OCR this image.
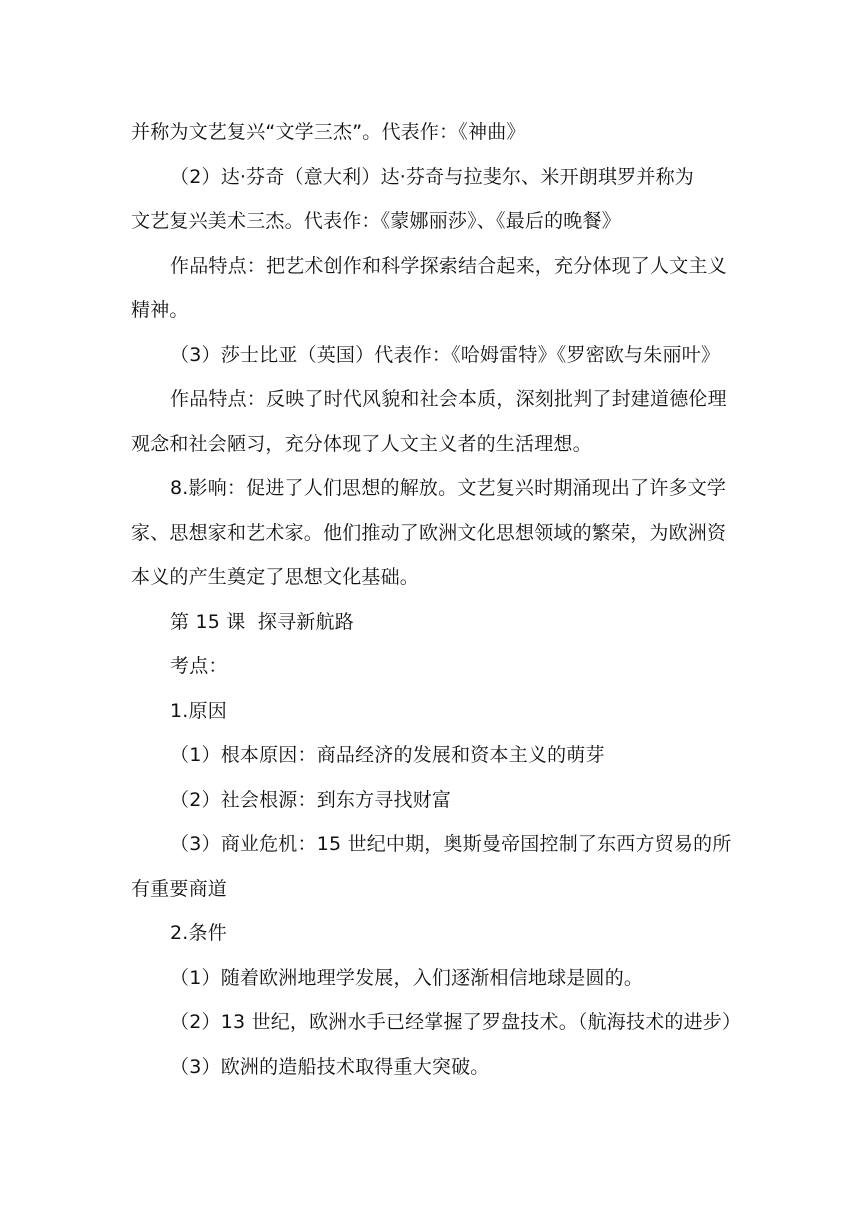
并称为文艺复兴“文学三杰”。代表作：《神曲》

（2）达·芬奇（意大利）达·芬奇与拉斐尔、米开朗琪罗并称为
文艺复兴美术三杰。代表作：《蒙娜丽莎》、《最后的晚餐》

作品特点：把艺术创作和科学探索结合起来，充分体现了人文主义
精神。

（3）莎士比亚（英国）代表作：《哈姆雷特》《罗密欧与朱丽叶》

作品特点：反映了时代风貌和社会本质，深刻批判了封建道德伦理
观念和社会陋习，充分体现了人文主义者的生活理想。

8.影响：促进了人们思想的解放。文艺复兴时期涌现出了许多文学
家、思想家和艺术家。他们推动了欧洲文化思想领域的繁荣，为欧洲资
本义的产生奠定了思想文化基础。

第 15 课  探寻新航路

考点：

1.原因

（1）根本原因：商品经济的发展和资本主义的萌芽

（2）社会根源：到东方寻找财富

（3）商业危机：15 世纪中期，奥斯曼帝国控制了东西方贸易的所
有重要商道

2.条件

（1）随着欧洲地理学发展，入们逐渐相信地球是圆的。

（2）13 世纪，欧洲水手已经掌握了罗盘技术。（航海技术的进步）

（3）欧洲的造船技术取得重大突破。
